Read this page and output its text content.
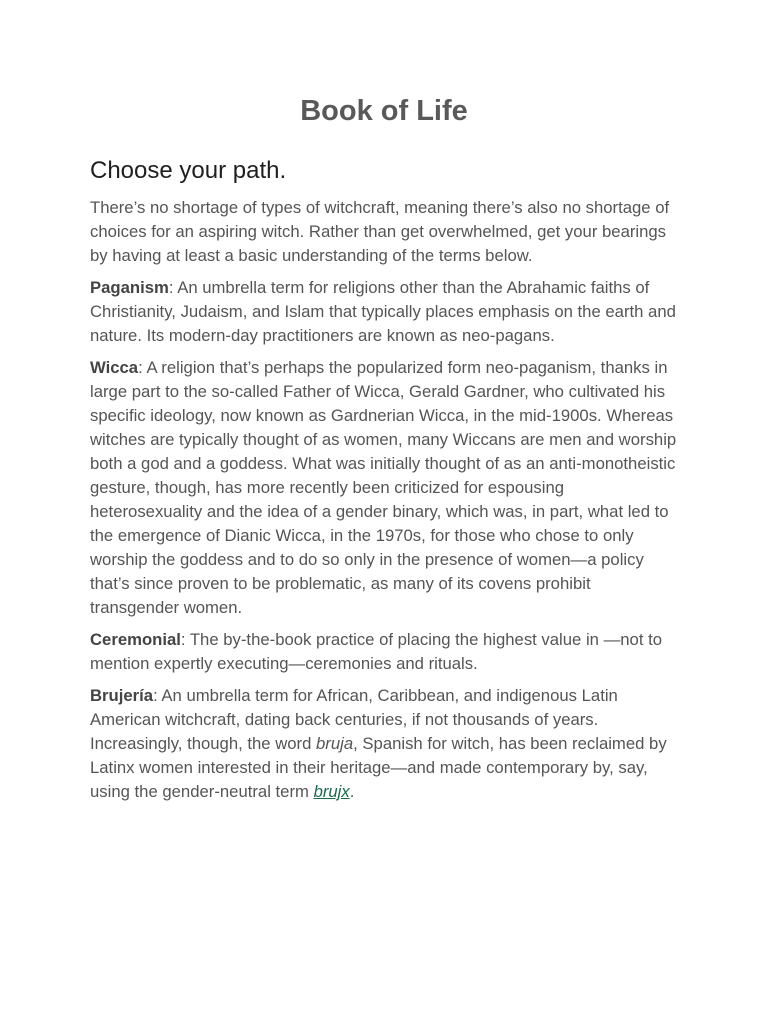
Book of Life
Choose your path.

There’s no shortage of types of witchcraft, meaning there’s also no shortage of choices for an aspiring witch. Rather than get overwhelmed, get your bearings by having at least a basic understanding of the terms below.

Paganism: An umbrella term for religions other than the Abrahamic faiths of Christianity, Judaism, and Islam that typically places emphasis on the earth and nature. Its modern-day practitioners are known as neo-pagans.

Wicca: A religion that’s perhaps the popularized form neo-paganism, thanks in large part to the so-called Father of Wicca, Gerald Gardner, who cultivated his specific ideology, now known as Gardnerian Wicca, in the mid-1900s. Whereas witches are typically thought of as women, many Wiccans are men and worship both a god and a goddess. What was initially thought of as an anti-monotheistic gesture, though, has more recently been criticized for espousing heterosexuality and the idea of a gender binary, which was, in part, what led to the emergence of Dianic Wicca, in the 1970s, for those who chose to only worship the goddess and to do so only in the presence of women—a policy that’s since proven to be problematic, as many of its covens prohibit transgender women.

Ceremonial: The by-the-book practice of placing the highest value in —not to mention expertly executing—ceremonies and rituals.

Brujería: An umbrella term for African, Caribbean, and indigenous Latin American witchcraft, dating back centuries, if not thousands of years. Increasingly, though, the word bruja, Spanish for witch, has been reclaimed by Latinx women interested in their heritage—and made contemporary by, say, using the gender-neutral term brujx.
